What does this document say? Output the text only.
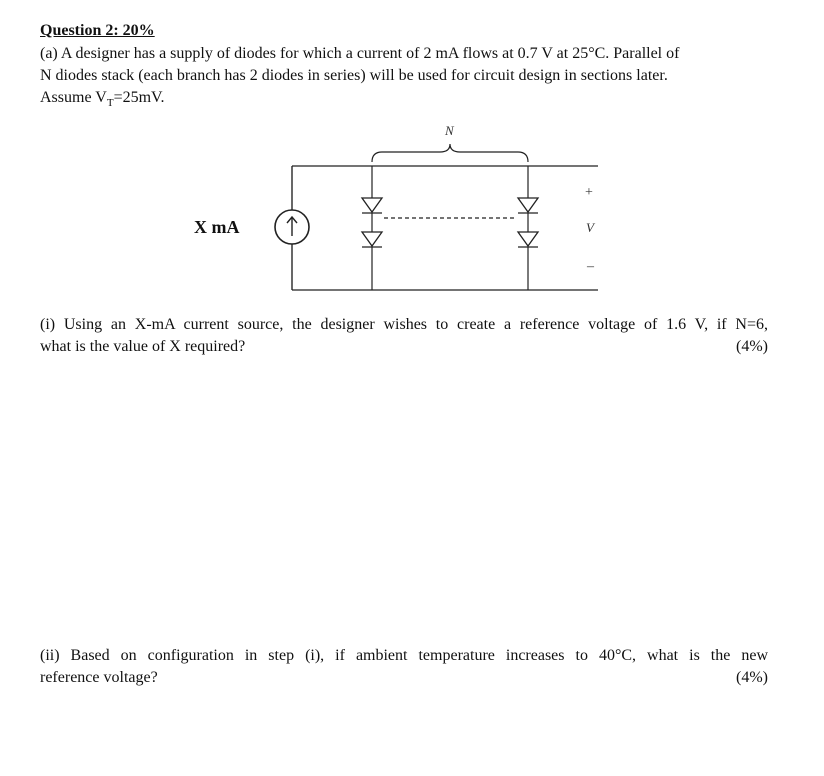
Question 2: 20%
(a) A designer has a supply of diodes for which a current of 2 mA flows at 0.7 V at 25°C. Parallel of
N diodes stack (each branch has 2 diodes in series) will be used for circuit design in sections later.
Assume $V_T=25mV$.
X mA
N
+
V
–
(i) Using an X-mA current source, the designer wishes to create a reference voltage of 1.6 V, if N=6,
what is the value of X required?	(4%)
(ii) Based on configuration in step (i), if ambient temperature increases to 40°C, what is the new
reference voltage?	(4%)
